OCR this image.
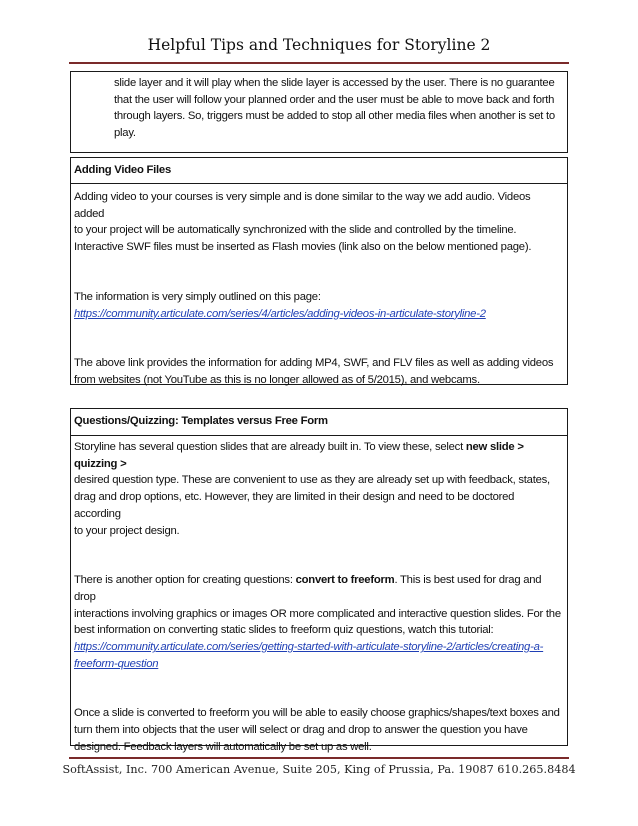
Helpful Tips and Techniques for Storyline 2
slide layer and it will play when the slide layer is accessed by the user. There is no guarantee
that the user will follow your planned order and the user must be able to move back and forth
through layers. So, triggers must be added to stop all other media files when another is set to
play.
Adding Video Files
Adding video to your courses is very simple and is done similar to the way we add audio. Videos added
to your project will be automatically synchronized with the slide and controlled by the timeline.
Interactive SWF files must be inserted as Flash movies (link also on the below mentioned page).
The information is very simply outlined on this page:
https://community.articulate.com/series/4/articles/adding-videos-in-articulate-storyline-2
The above link provides the information for adding MP4, SWF, and FLV files as well as adding videos
from websites (not YouTube as this is no longer allowed as of 5/2015), and webcams.
Questions/Quizzing: Templates versus Free Form
Storyline has several question slides that are already built in. To view these, select new slide > quizzing >
desired question type. These are convenient to use as they are already set up with feedback, states,
drag and drop options, etc. However, they are limited in their design and need to be doctored according
to your project design.
There is another option for creating questions: convert to freeform. This is best used for drag and drop
interactions involving graphics or images OR more complicated and interactive question slides. For the
best information on converting static slides to freeform quiz questions, watch this tutorial:
https://community.articulate.com/series/getting-started-with-articulate-storyline-2/articles/creating-a-
freeform-question
Once a slide is converted to freeform you will be able to easily choose graphics/shapes/text boxes and
turn them into objects that the user will select or drag and drop to answer the question you have
designed. Feedback layers will automatically be set up as well.
SoftAssist, Inc. 700 American Avenue, Suite 205, King of Prussia, Pa. 19087 610.265.8484
